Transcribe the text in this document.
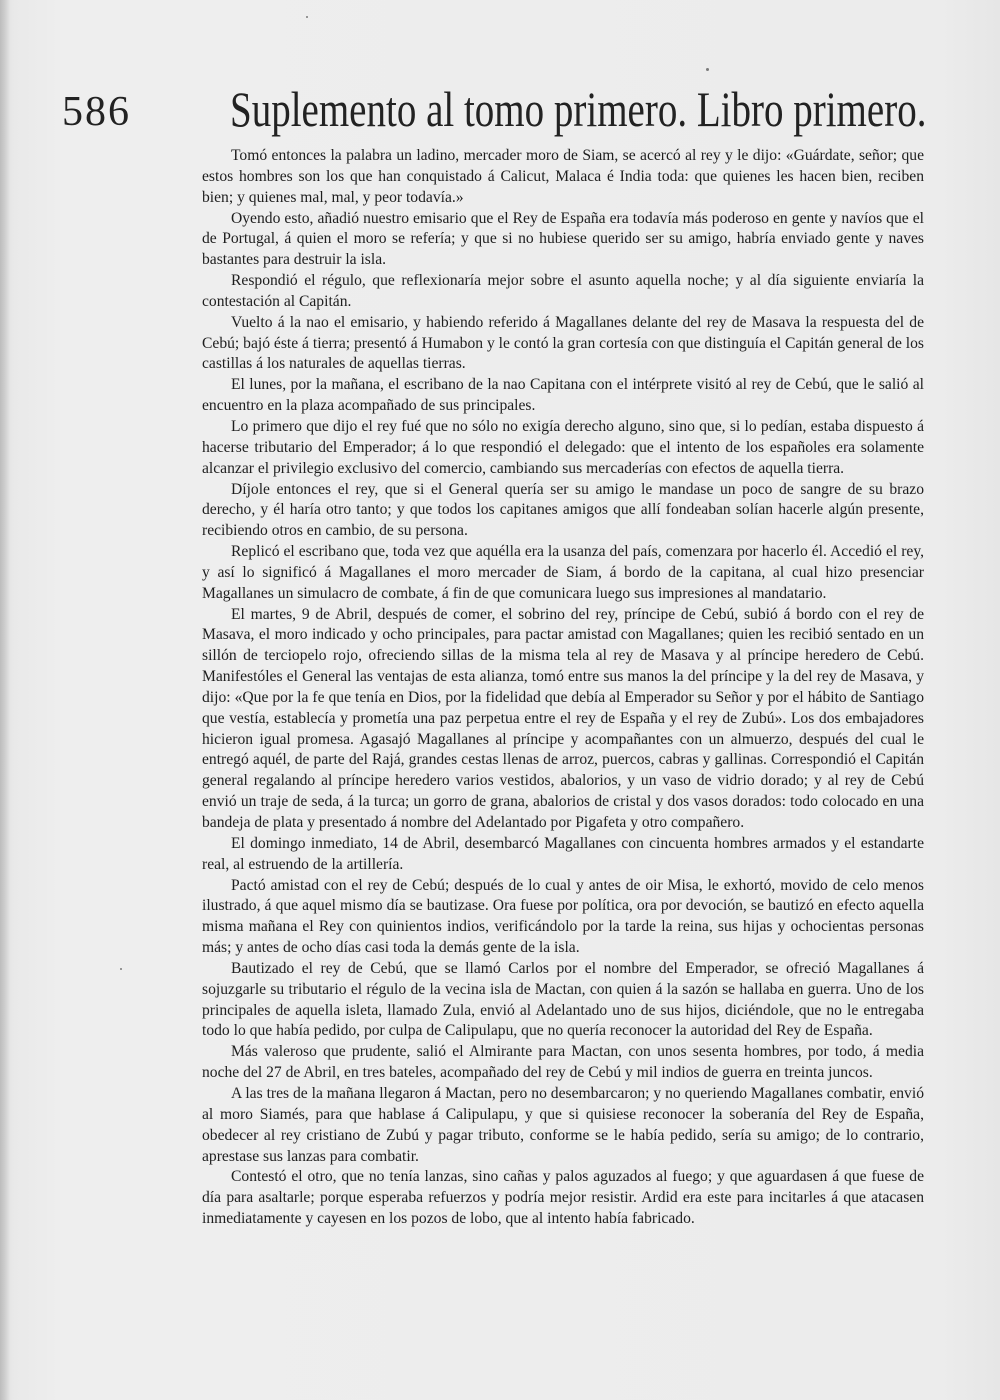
586 Suplemento al tomo primero. Libro primero.

Tomó entonces la palabra un ladino, mercader moro de Siam, se acercó al rey y le dijo: «Guárdate, señor; que estos hombres son los que han conquistado á Calicut, Malaca é India toda: que quienes les hacen bien, reciben bien; y quienes mal, mal, y peor todavía.»

Oyendo esto, añadió nuestro emisario que el Rey de España era todavía más poderoso en gente y navíos que el de Portugal, á quien el moro se refería; y que si no hubiese querido ser su amigo, habría enviado gente y naves bastantes para destruir la isla.

Respondió el régulo, que reflexionaría mejor sobre el asunto aquella noche; y al día siguiente enviaría la contestación al Capitán.

Vuelto á la nao el emisario, y habiendo referido á Magallanes delante del rey de Masava la respuesta del de Cebú; bajó éste á tierra; presentó á Humabon y le contó la gran cortesía con que distinguía el Capitán general de los castillas á los naturales de aquellas tierras.

El lunes, por la mañana, el escribano de la nao Capitana con el intérprete visitó al rey de Cebú, que le salió al encuentro en la plaza acompañado de sus principales.

Lo primero que dijo el rey fué que no sólo no exigía derecho alguno, sino que, si lo pedían, estaba dispuesto á hacerse tributario del Emperador; á lo que respondió el delegado: que el intento de los españoles era solamente alcanzar el privilegio exclusivo del comercio, cambiando sus mercaderías con efectos de aquella tierra.

Díjole entonces el rey, que si el General quería ser su amigo le mandase un poco de sangre de su brazo derecho, y él haría otro tanto; y que todos los capitanes amigos que allí fondeaban solían hacerle algún presente, recibiendo otros en cambio, de su persona.

Replicó el escribano que, toda vez que aquélla era la usanza del país, comenzara por hacerlo él. Accedió el rey, y así lo significó á Magallanes el moro mercader de Siam, á bordo de la capitana, al cual hizo presenciar Magallanes un simulacro de combate, á fin de que comunicara luego sus impresiones al mandatario.

El martes, 9 de Abril, después de comer, el sobrino del rey, príncipe de Cebú, subió á bordo con el rey de Masava, el moro indicado y ocho principales, para pactar amistad con Magallanes; quien les recibió sentado en un sillón de terciopelo rojo, ofreciendo sillas de la misma tela al rey de Masava y al príncipe heredero de Cebú. Manifestóles el General las ventajas de esta alianza, tomó entre sus manos la del príncipe y la del rey de Masava, y dijo: «Que por la fe que tenía en Dios, por la fidelidad que debía al Emperador su Señor y por el hábito de Santiago que vestía, establecía y prometía una paz perpetua entre el rey de España y el rey de Zubú». Los dos embajadores hicieron igual promesa. Agasajó Magallanes al príncipe y acompañantes con un almuerzo, después del cual le entregó aquél, de parte del Rajá, grandes cestas llenas de arroz, puercos, cabras y gallinas. Correspondió el Capitán general regalando al príncipe heredero varios vestidos, abalorios, y un vaso de vidrio dorado; y al rey de Cebú envió un traje de seda, á la turca; un gorro de grana, abalorios de cristal y dos vasos dorados: todo colocado en una bandeja de plata y presentado á nombre del Adelantado por Pigafeta y otro compañero.

El domingo inmediato, 14 de Abril, desembarcó Magallanes con cincuenta hombres armados y el estandarte real, al estruendo de la artillería.

Pactó amistad con el rey de Cebú; después de lo cual y antes de oir Misa, le exhortó, movido de celo menos ilustrado, á que aquel mismo día se bautizase. Ora fuese por política, ora por devoción, se bautizó en efecto aquella misma mañana el Rey con quinientos indios, verificándolo por la tarde la reina, sus hijas y ochocientas personas más; y antes de ocho días casi toda la demás gente de la isla.

Bautizado el rey de Cebú, que se llamó Carlos por el nombre del Emperador, se ofreció Magallanes á sojuzgarle su tributario el régulo de la vecina isla de Mactan, con quien á la sazón se hallaba en guerra. Uno de los principales de aquella isleta, llamado Zula, envió al Adelantado uno de sus hijos, diciéndole, que no le entregaba todo lo que había pedido, por culpa de Calipulapu, que no quería reconocer la autoridad del Rey de España.

Más valeroso que prudente, salió el Almirante para Mactan, con unos sesenta hombres, por todo, á media noche del 27 de Abril, en tres bateles, acompañado del rey de Cebú y mil indios de guerra en treinta juncos.

A las tres de la mañana llegaron á Mactan, pero no desembarcaron; y no queriendo Magallanes combatir, envió al moro Siamés, para que hablase á Calipulapu, y que si quisiese reconocer la soberanía del Rey de España, obedecer al rey cristiano de Zubú y pagar tributo, conforme se le había pedido, sería su amigo; de lo contrario, aprestase sus lanzas para combatir.

Contestó el otro, que no tenía lanzas, sino cañas y palos aguzados al fuego; y que aguardasen á que fuese de día para asaltarle; porque esperaba refuerzos y podría mejor resistir. Ardid era este para incitarles á que atacasen inmediatamente y cayesen en los pozos de lobo, que al intento había fabricado.
